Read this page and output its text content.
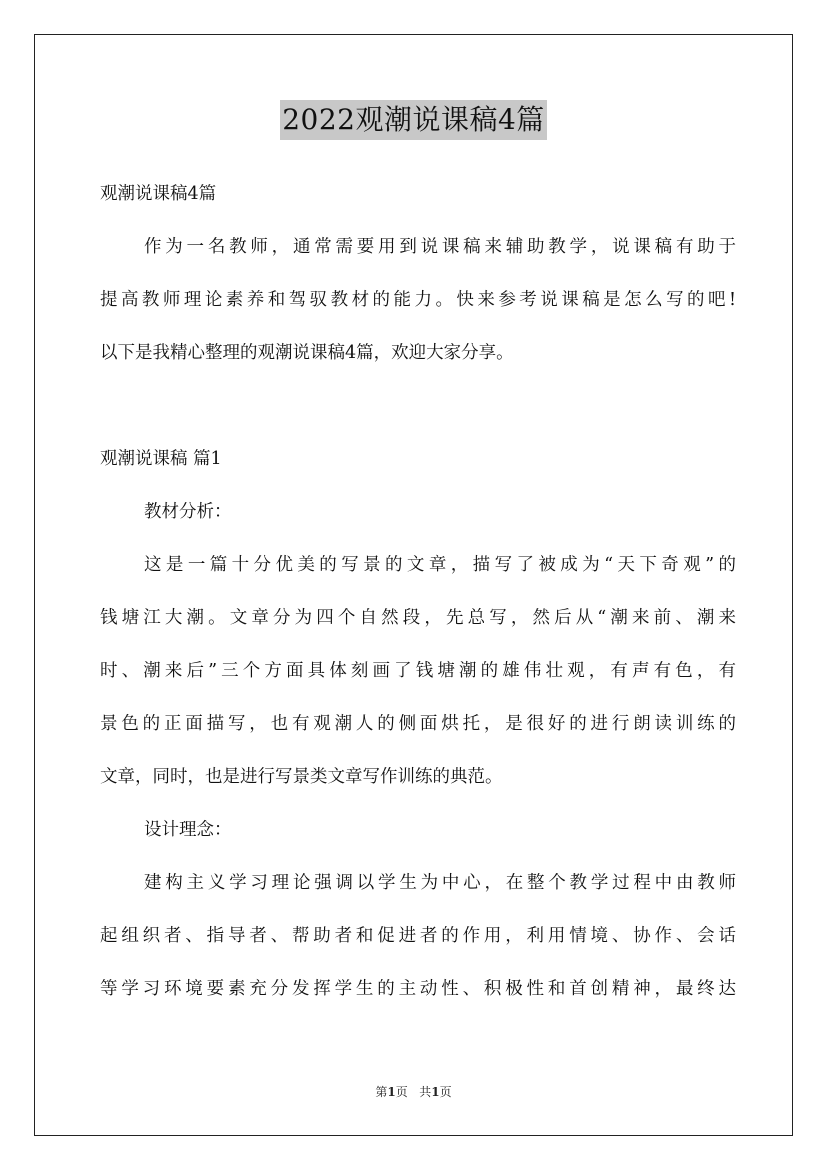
2022观潮说课稿4篇
观潮说课稿4篇
作为一名教师，通常需要用到说课稿来辅助教学，说课稿有助于
提高教师理论素养和驾驭教材的能力。快来参考说课稿是怎么写的吧!
以下是我精心整理的观潮说课稿4篇，欢迎大家分享。
观潮说课稿 篇1
教材分析：
这是一篇十分优美的写景的文章，描写了被成为“天下奇观”的
钱塘江大潮。文章分为四个自然段，先总写，然后从“潮来前、潮来
时、潮来后”三个方面具体刻画了钱塘潮的雄伟壮观，有声有色，有
景色的正面描写，也有观潮人的侧面烘托，是很好的进行朗读训练的
文章，同时，也是进行写景类文章写作训练的典范。
设计理念：
建构主义学习理论强调以学生为中心，在整个教学过程中由教师
起组织者、指导者、帮助者和促进者的作用，利用情境、协作、会话
等学习环境要素充分发挥学生的主动性、积极性和首创精神，最终达
第1页 共1页
